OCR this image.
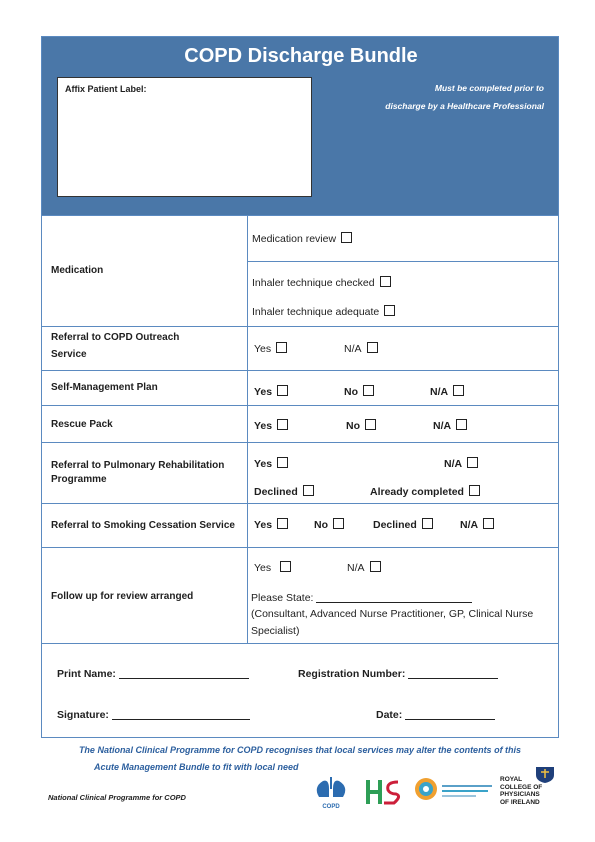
COPD Discharge Bundle
Affix Patient Label:	Must be completed prior to
discharge by a Healthcare Professional
Medication
Medication review
Inhaler technique checked
Inhaler technique adequate
Referral to COPD Outreach
Service	Yes	N/A
Self-Management Plan	Yes	No	N/A
Rescue Pack	Yes	No	N/A
Referral to Pulmonary Rehabilitation
Programme
Yes	N/A
Declined	Already completed
Referral to Smoking Cessation Service	Yes	No	Declined	N/A
Follow up for review arranged
Yes	N/A
Please State:
(Consultant, Advanced Nurse Practitioner, GP, Clinical Nurse
Specialist)
Print Name:	Registration Number:
Signature:	Date:
The National Clinical Programme for COPD recognises that local services may alter the contents of this
Acute Management Bundle to fit with local need
National Clinical Programme for COPD
COPD
ROYAL
COLLEGE OF
PHYSICIANS
OF IRELAND
